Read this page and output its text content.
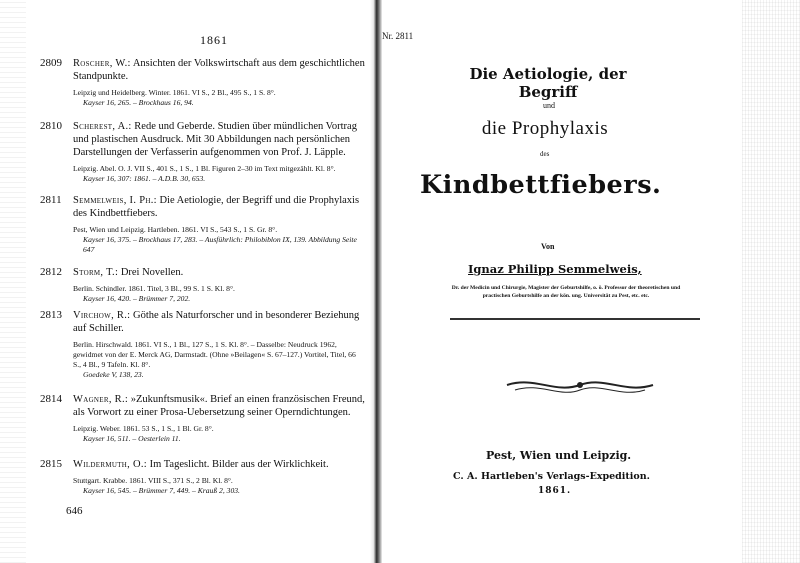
1861
2809 Roscher, W.: Ansichten der Volkswirtschaft aus dem geschichtlichen Standpunkte.
Leipzig und Heidelberg. Winter. 1861. VI S., 2 Bl., 495 S., 1 S. 8°.
Kayser 16, 265. – Brockhaus 16, 94.
2810 Scherest, A.: Rede und Geberde. Studien über mündlichen Vortrag und plastischen Ausdruck. Mit 30 Abbildungen nach persönlichen Darstellungen der Verfasserin aufgenommen von Prof. J. Läpple.
Leipzig. Abel. O. J. VII S., 401 S., 1 S., 1 Bl. Figuren 2–30 im Text mitgezählt. Kl. 8°.
Kayser 16, 307: 1861. – A.D.B. 30, 653.
2811 Semmelweis, I. Ph.: Die Aetiologie, der Begriff und die Prophylaxis des Kindbettfiebers.
Pest, Wien und Leipzig. Hartleben. 1861. VI S., 543 S., 1 S. Gr. 8°.
Kayser 16, 375. – Brockhaus 17, 283. – Ausführlich: Philobiblon IX, 139. Abbildung Seite 647
2812 Storm, T.: Drei Novellen.
Berlin. Schindler. 1861. Titel, 3 Bl., 99 S. 1 S. Kl. 8°.
Kayser 16, 420. – Brümmer 7, 202.
2813 Virchow, R.: Göthe als Naturforscher und in besonderer Beziehung auf Schiller.
Berlin. Hirschwald. 1861. VI S., 1 Bl., 127 S., 1 S. Kl. 8°. – Dasselbe: Neudruck 1962, gewidmet von der E. Merck AG, Darmstadt. (Ohne »Beilagen« S. 67–127.) Vortitel, Titel, 66 S., 4 Bl., 9 Tafeln. Kl. 8°.
Goedeke V, 138, 23.
2814 Wagner, R.: »Zukunftsmusik«. Brief an einen französischen Freund, als Vorwort zu einer Prosa-Uebersetzung seiner Operndichtungen.
Leipzig. Weber. 1861. 53 S., 1 S., 1 Bl. Gr. 8°.
Kayser 16, 511. – Oesterlein 11.
2815 Wildermuth, O.: Im Tageslicht. Bilder aus der Wirklichkeit.
Stuttgart. Krabbe. 1861. VIII S., 371 S., 2 Bl. Kl. 8°.
Kayser 16, 545. – Brümmer 7, 449. – Krauß 2, 303.
646
Nr. 2811
Die Aetiologie, der Begriff
und
die Prophylaxis
des
Kindbettfiebers.
Von
Ignaz Philipp Semmelweis,
Dr. der Medicin und Chirurgie, Magister der Geburtshilfe, o. ö. Professor der theoretischen und practischen Geburtshilfe an der kön. ung. Universität zu Pest, etc. etc.
Pest, Wien und Leipzig.
C. A. Hartleben's Verlags-Expedition.
1861.
